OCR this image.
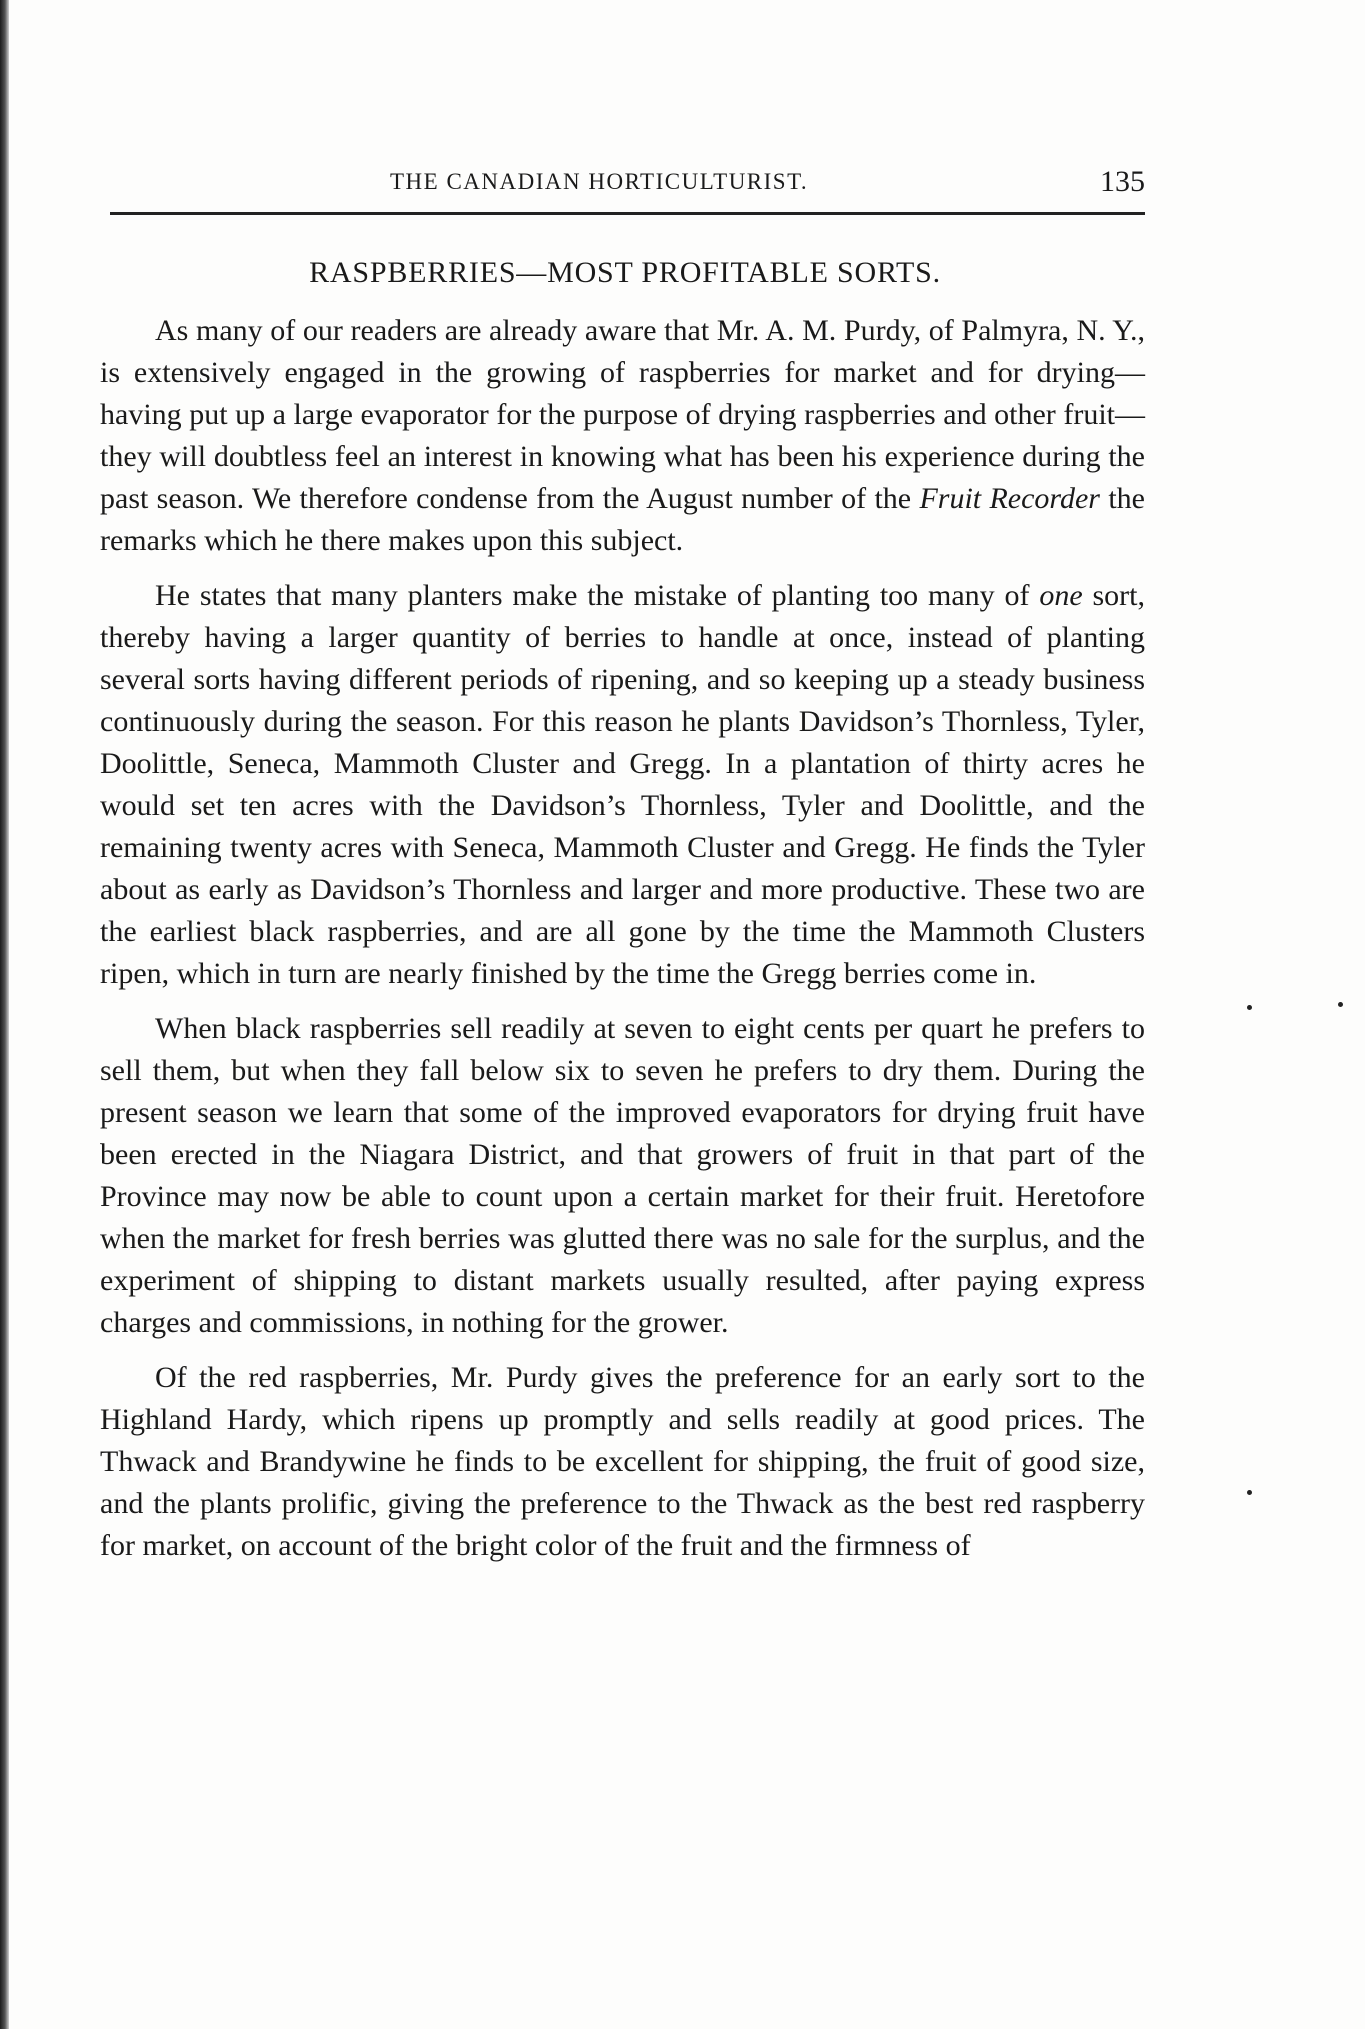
THE CANADIAN HORTICULTURIST.	135
RASPBERRIES—MOST PROFITABLE SORTS.

As many of our readers are already aware that Mr. A. M. Purdy, of Palmyra, N. Y., is extensively engaged in the growing of raspberries for market and for drying—having put up a large evaporator for the purpose of drying raspberries and other fruit—they will doubtless feel an interest in knowing what has been his experience during the past season. We therefore condense from the August number of the Fruit Recorder the remarks which he there makes upon this subject.

He states that many planters make the mistake of planting too many of one sort, thereby having a larger quantity of berries to handle at once, instead of planting several sorts having different periods of ripening, and so keeping up a steady business continuously during the season. For this reason he plants Davidson’s Thornless, Tyler, Doolittle, Seneca, Mammoth Cluster and Gregg. In a plantation of thirty acres he would set ten acres with the Davidson’s Thornless, Tyler and Doolittle, and the remaining twenty acres with Seneca, Mammoth Cluster and Gregg. He finds the Tyler about as early as Davidson’s Thornless and larger and more productive. These two are the earliest black raspberries, and are all gone by the time the Mammoth Clusters ripen, which in turn are nearly finished by the time the Gregg berries come in.

When black raspberries sell readily at seven to eight cents per quart he prefers to sell them, but when they fall below six to seven he prefers to dry them. During the present season we learn that some of the improved evaporators for drying fruit have been erected in the Niagara District, and that growers of fruit in that part of the Province may now be able to count upon a certain market for their fruit. Heretofore when the market for fresh berries was glutted there was no sale for the surplus, and the experiment of shipping to distant markets usually resulted, after paying express charges and commissions, in nothing for the grower.

Of the red raspberries, Mr. Purdy gives the preference for an early sort to the Highland Hardy, which ripens up promptly and sells readily at good prices. The Thwack and Brandywine he finds to be excellent for shipping, the fruit of good size, and the plants prolific, giving the preference to the Thwack as the best red raspberry for market, on account of the bright color of the fruit and the firmness of
